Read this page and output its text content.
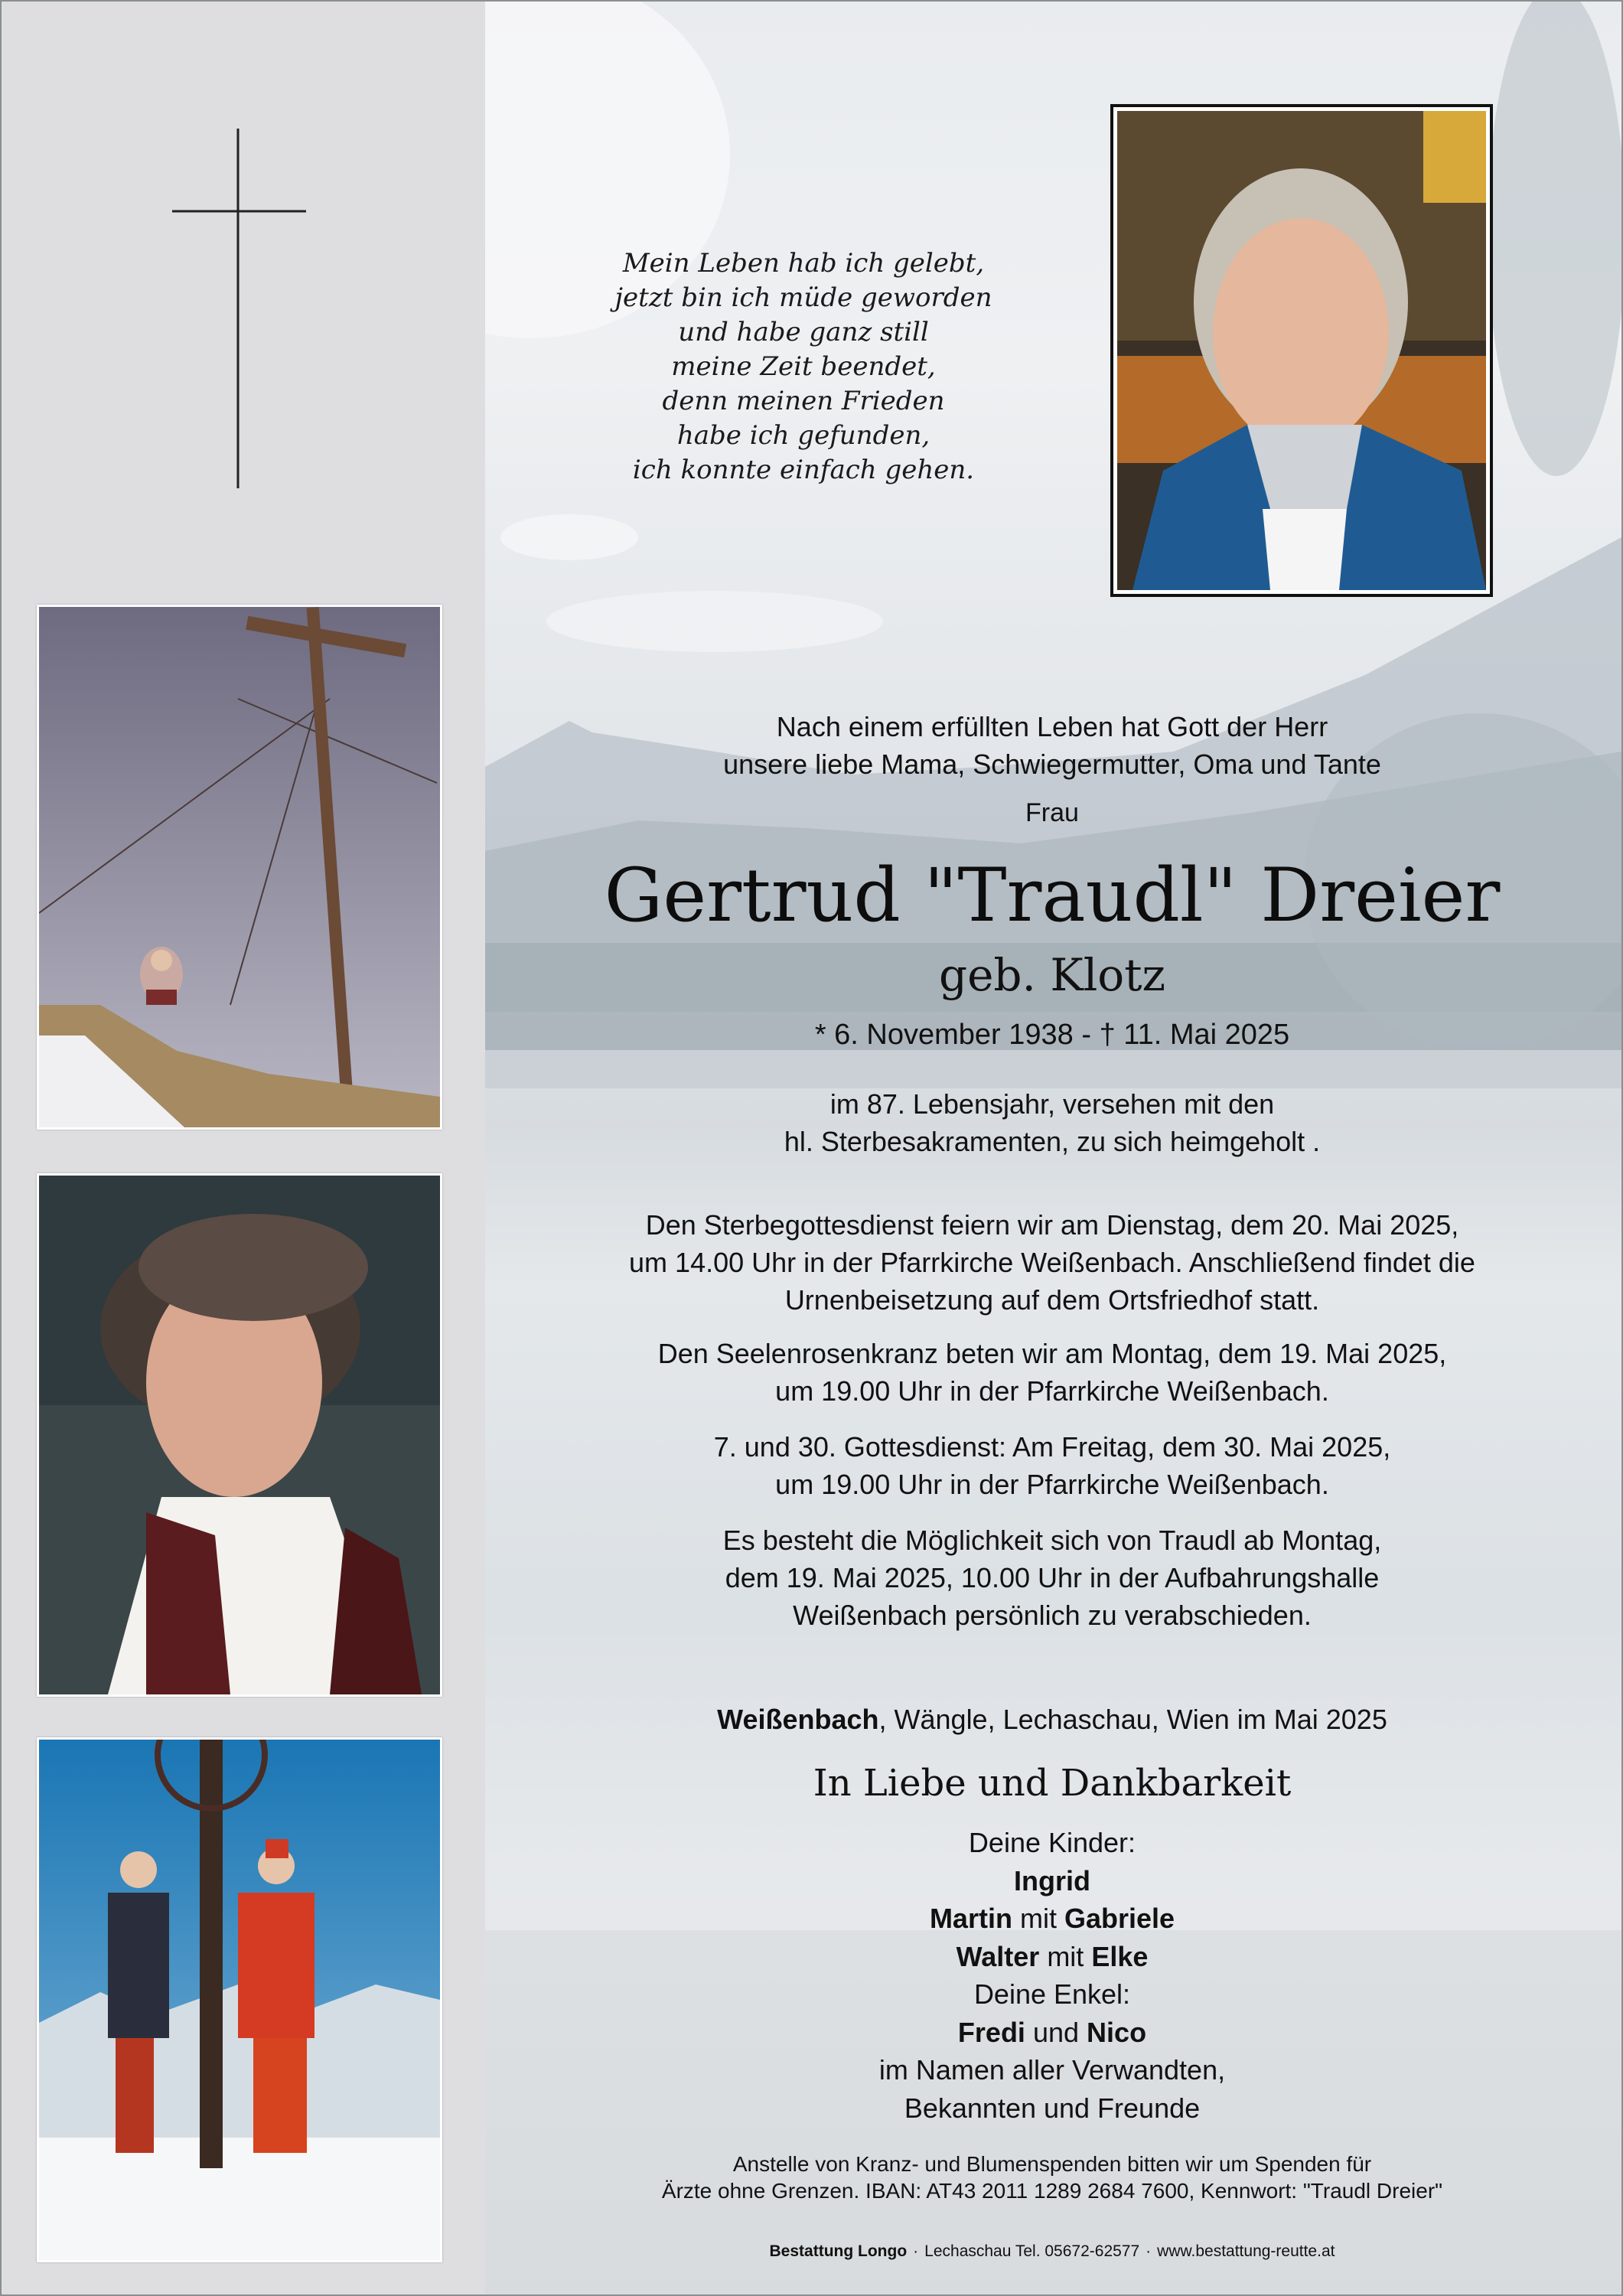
Mein Leben hab ich gelebt,
jetzt bin ich müde geworden
und habe ganz still
meine Zeit beendet,
denn meinen Frieden
habe ich gefunden,
ich konnte einfach gehen.
Nach einem erfüllten Leben hat Gott der Herr
unsere liebe Mama, Schwiegermutter, Oma und Tante
Frau
Gertrud "Traudl" Dreier
geb. Klotz
* 6. November 1938 - † 11. Mai 2025
im 87. Lebensjahr, versehen mit den
hl. Sterbesakramenten, zu sich heimgeholt .
Den Sterbegottesdienst feiern wir am Dienstag, dem 20. Mai 2025,
um 14.00 Uhr in der Pfarrkirche Weißenbach. Anschließend findet die
Urnenbeisetzung auf dem Ortsfriedhof statt.
Den Seelenrosenkranz beten wir am Montag, dem 19. Mai 2025,
um 19.00 Uhr in der Pfarrkirche Weißenbach.
7. und 30. Gottesdienst: Am Freitag, dem 30. Mai 2025,
um 19.00 Uhr in der Pfarrkirche Weißenbach.
Es besteht die Möglichkeit sich von Traudl ab Montag,
dem 19. Mai 2025, 10.00 Uhr in der Aufbahrungshalle
Weißenbach persönlich zu verabschieden.
Weißenbach, Wängle, Lechaschau, Wien im Mai 2025
In Liebe und Dankbarkeit
Deine Kinder:
Ingrid
Martin mit Gabriele
Walter mit Elke
Deine Enkel:
Fredi und Nico
im Namen aller Verwandten,
Bekannten und Freunde
Anstelle von Kranz- und Blumenspenden bitten wir um Spenden für
Ärzte ohne Grenzen. IBAN: AT43 2011 1289 2684 7600, Kennwort: "Traudl Dreier"
Bestattung Longo · Lechaschau Tel. 05672-62577 · www.bestattung-reutte.at
